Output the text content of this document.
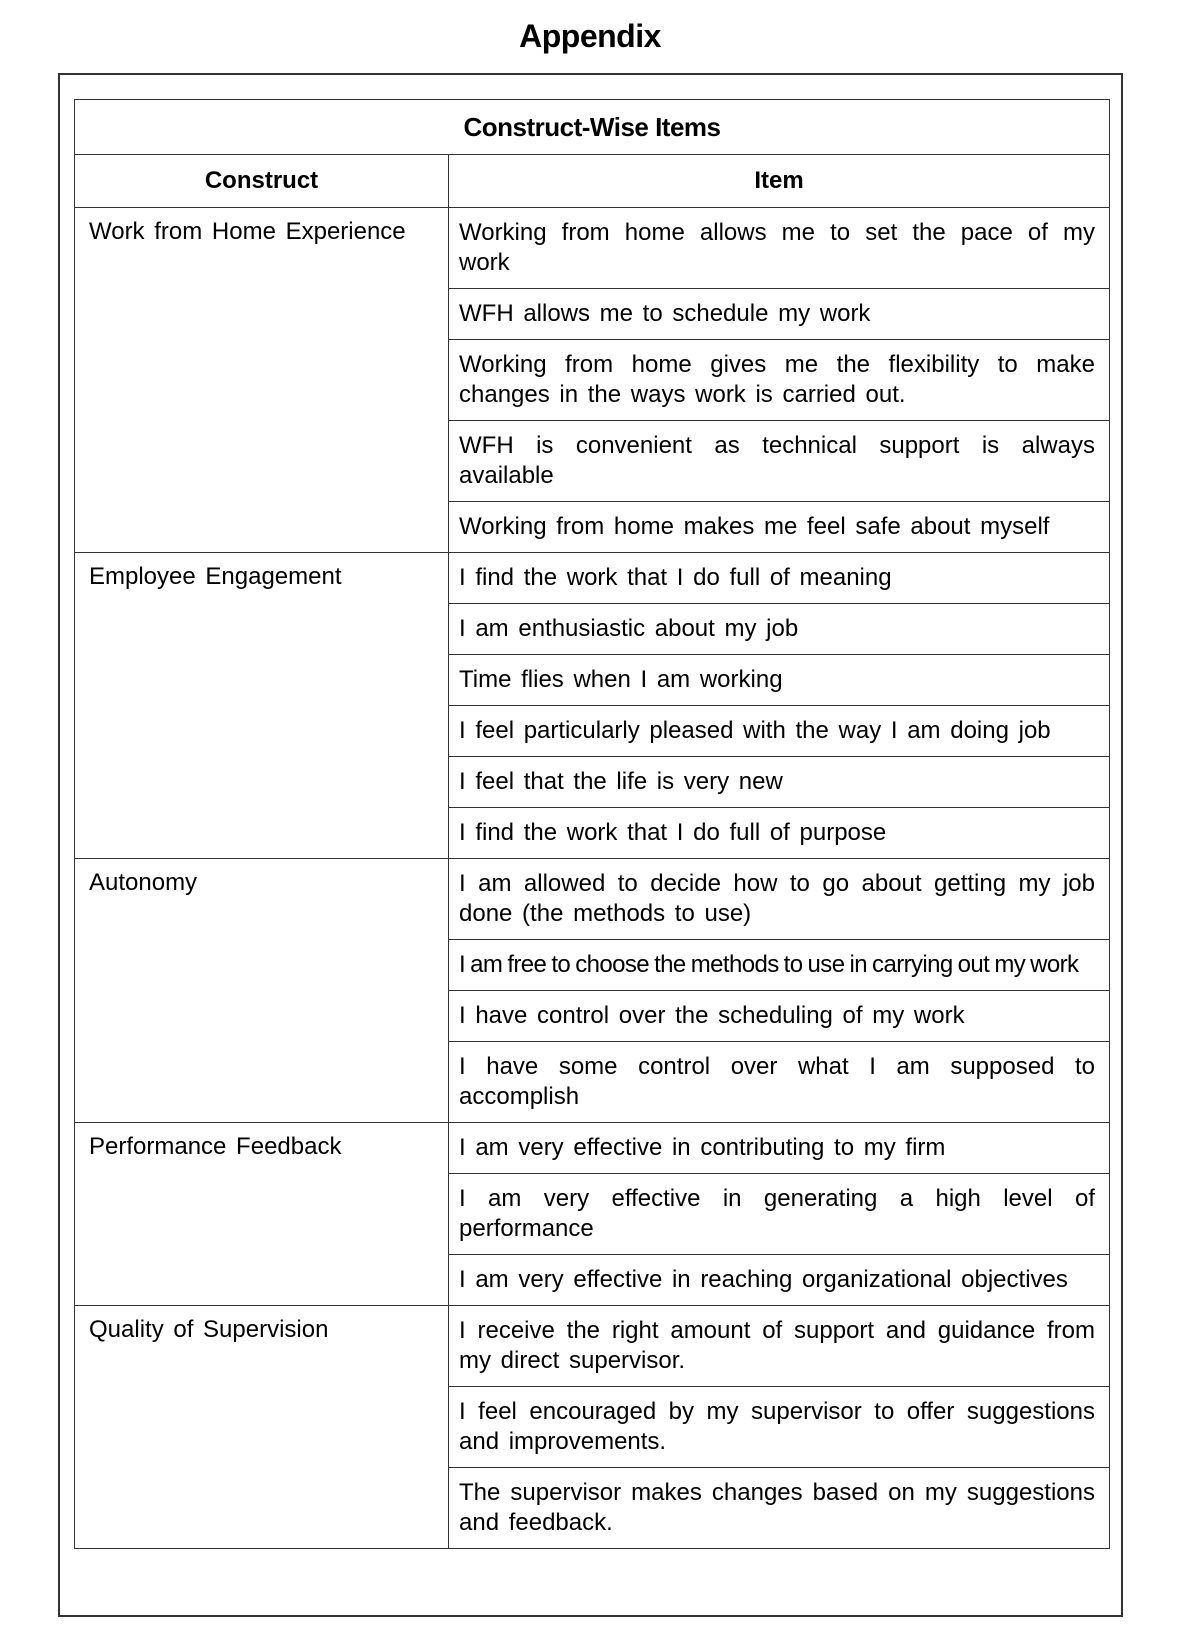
Appendix
Construct-Wise Items	
Construct	Item
Work from Home Experience	Working from home allows me to set the pace of my work
	WFH allows me to schedule my work
	Working from home gives me the flexibility to make changes in the ways work is carried out.
	WFH is convenient as technical support is always available
	Working from home makes me feel safe about myself
Employee Engagement	I find the work that I do full of meaning
	I am enthusiastic about my job
	Time flies when I am working
	I feel particularly pleased with the way I am doing job
	I feel that the life is very new
	I find the work that I do full of purpose
Autonomy	I am allowed to decide how to go about getting my job done (the methods to use)
	I am free to choose the methods to use in carrying out my work
	I have control over the scheduling of my work
	I have some control over what I am supposed to accomplish
Performance Feedback	I am very effective in contributing to my firm
	I am very effective in generating a high level of performance
	I am very effective in reaching organizational objectives
Quality of Supervision	I receive the right amount of support and guidance from my direct supervisor.
	I feel encouraged by my supervisor to offer suggestions and improvements.
	The supervisor makes changes based on my suggestions and feedback.
